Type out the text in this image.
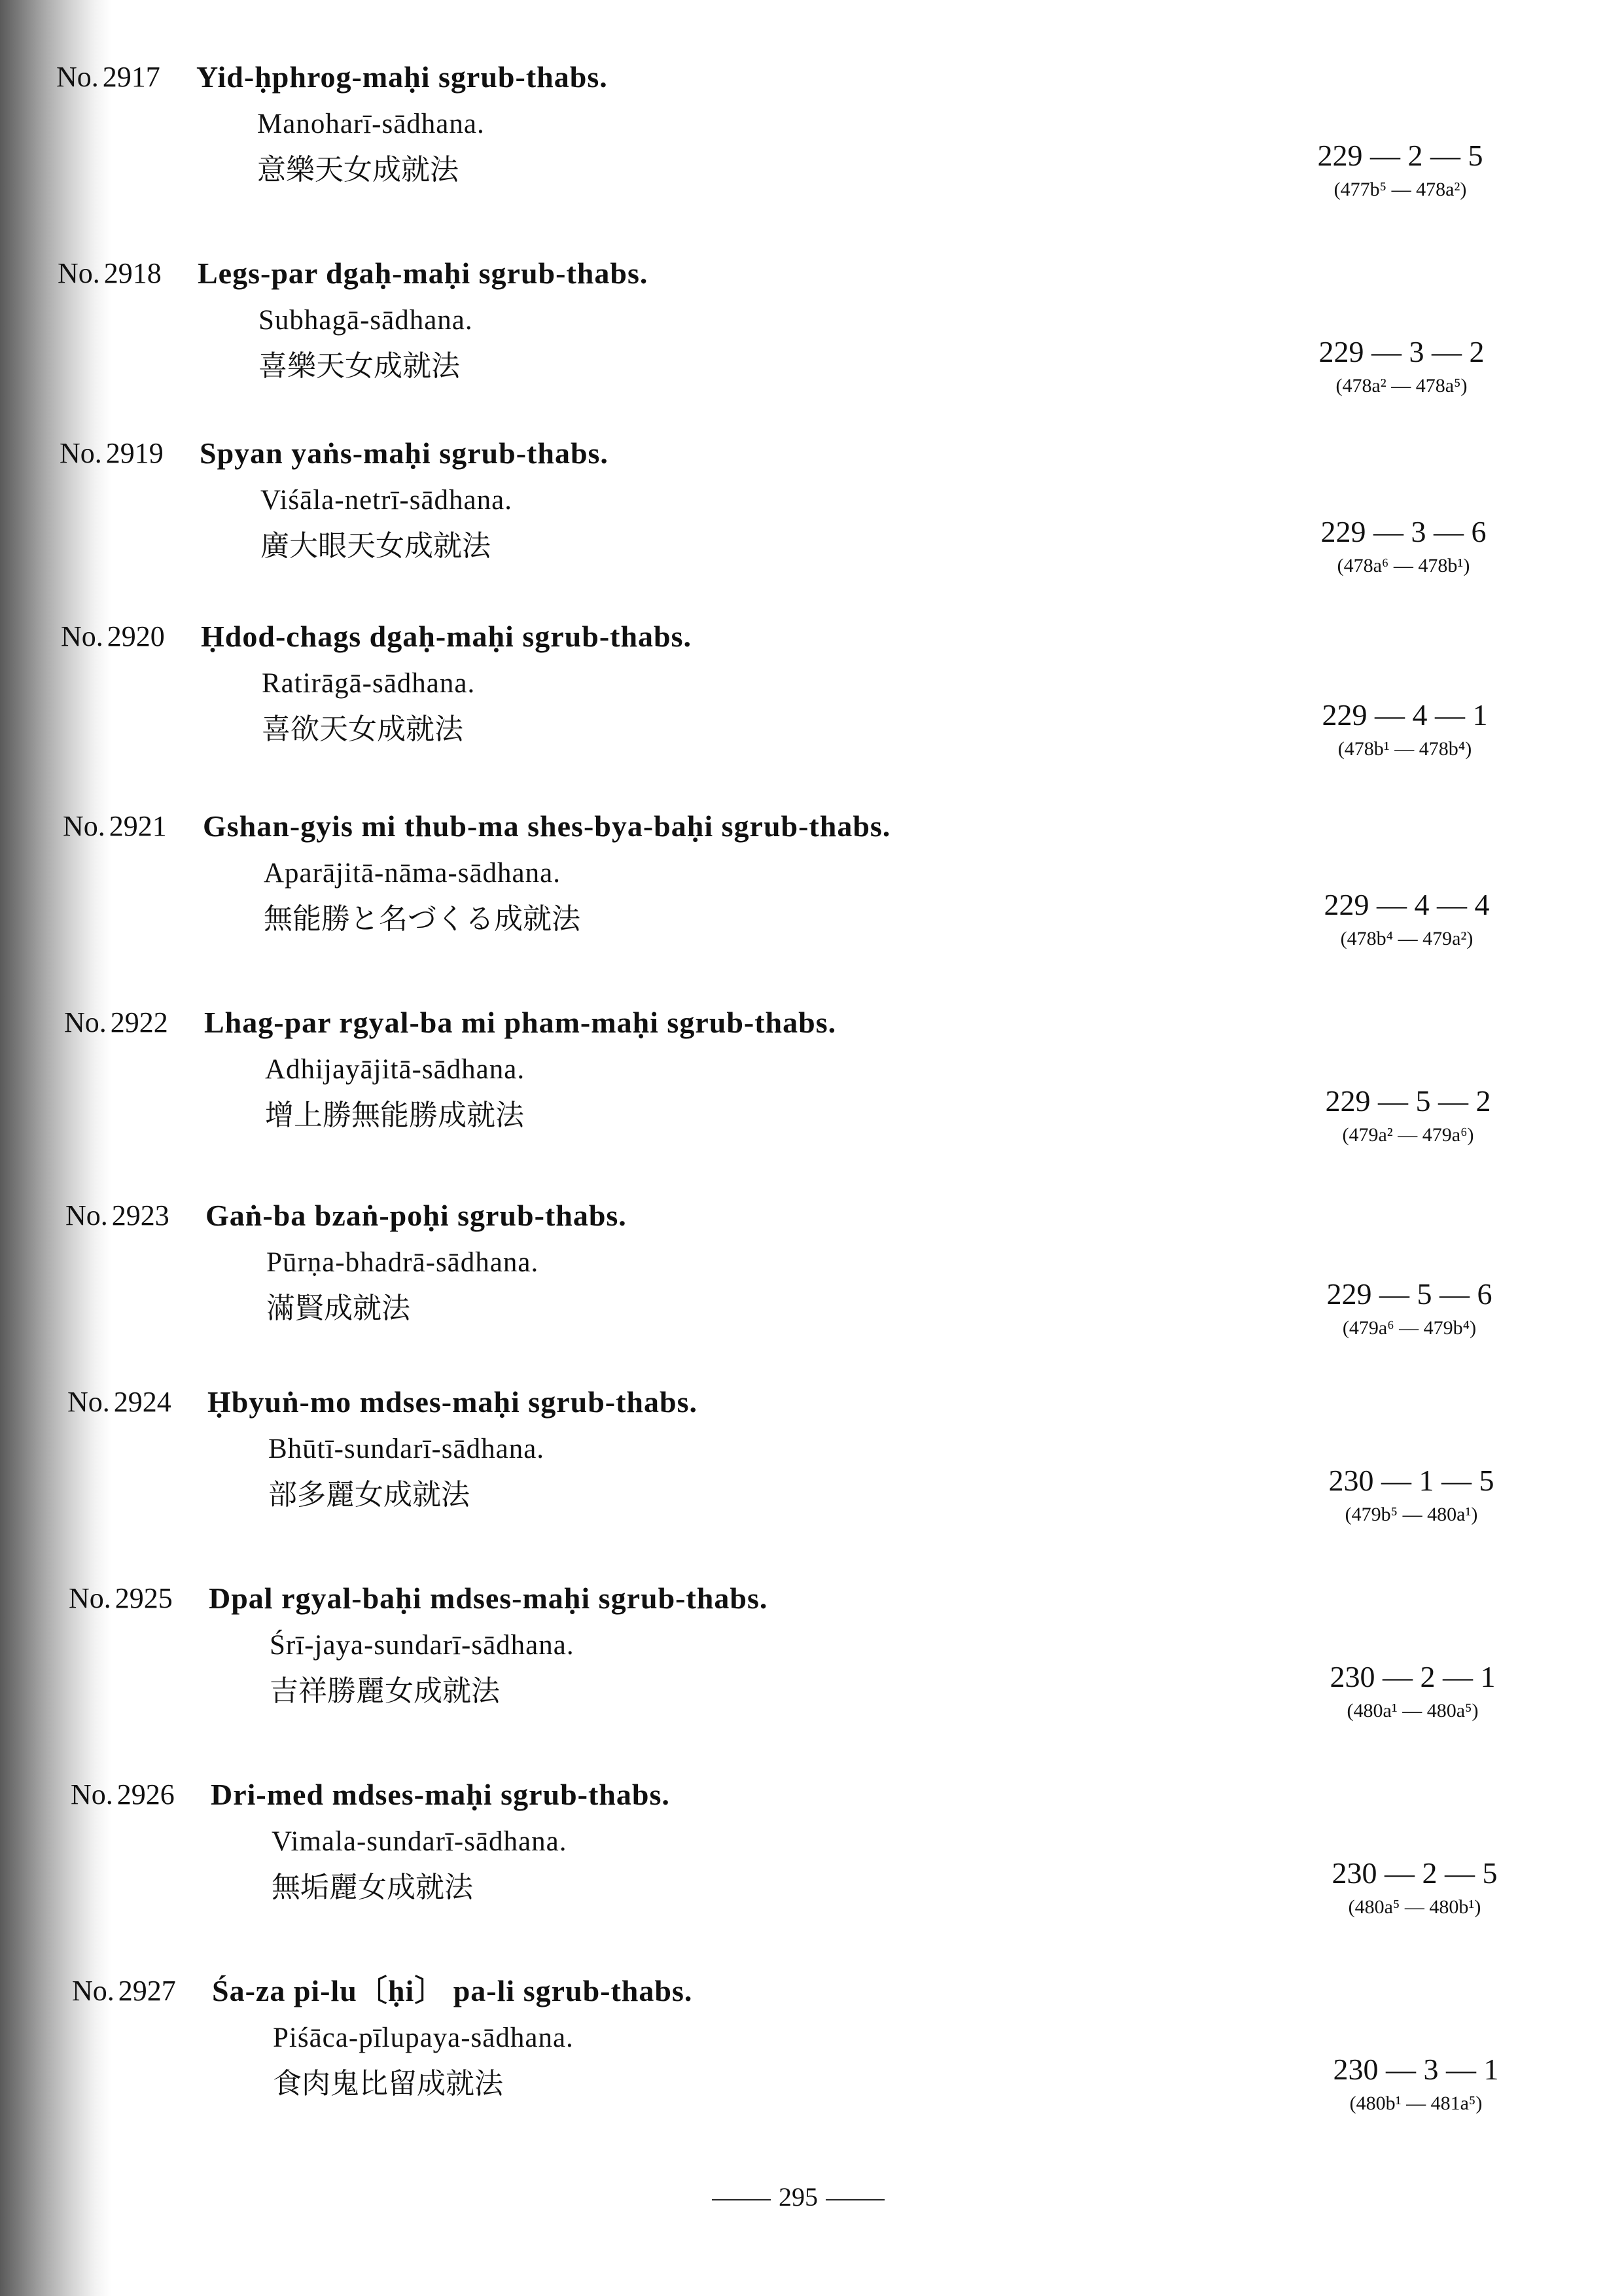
No. 2917 Yid-ḥphrog-maḥi sgrub-thabs.
Manoharī-sādhana.
意樂天女成就法	229 — 2 — 5
(477b⁵ — 478a²)
No. 2918 Legs-par dgaḥ-maḥi sgrub-thabs.
Subhagā-sādhana.
喜樂天女成就法	229 — 3 — 2
(478a² — 478a⁵)
No. 2919 Spyan yaṅs-maḥi sgrub-thabs.
Viśāla-netrī-sādhana.
廣大眼天女成就法	229 — 3 — 6
(478a⁶ — 478b¹)
No. 2920 Ḥdod-chags dgaḥ-maḥi sgrub-thabs.
Ratirāgā-sādhana.
喜欲天女成就法	229 — 4 — 1
(478b¹ — 478b⁴)
No. 2921 Gshan-gyis mi thub-ma shes-bya-baḥi sgrub-thabs.
Aparājitā-nāma-sādhana.
無能勝と名づくる成就法	229 — 4 — 4
(478b⁴ — 479a²)
No. 2922 Lhag-par rgyal-ba mi pham-maḥi sgrub-thabs.
Adhijayājitā-sādhana.
增上勝無能勝成就法	229 — 5 — 2
(479a² — 479a⁶)
No. 2923 Gaṅ-ba bzaṅ-poḥi sgrub-thabs.
Pūrṇa-bhadrā-sādhana.
滿賢成就法	229 — 5 — 6
(479a⁶ — 479b⁴)
No. 2924 Ḥbyuṅ-mo mdses-maḥi sgrub-thabs.
Bhūtī-sundarī-sādhana.
部多麗女成就法	230 — 1 — 5
(479b⁵ — 480a¹)
No. 2925 Dpal rgyal-baḥi mdses-maḥi sgrub-thabs.
Śrī-jaya-sundarī-sādhana.
吉祥勝麗女成就法	230 — 2 — 1
(480a¹ — 480a⁵)
No. 2926 Dri-med mdses-maḥi sgrub-thabs.
Vimala-sundarī-sādhana.
無垢麗女成就法	230 — 2 — 5
(480a⁵ — 480b¹)
No. 2927 Śa-za pi-lu〔ḥi〕 pa-li sgrub-thabs.
Piśāca-pīlupaya-sādhana.
食肉鬼比留成就法	230 — 3 — 1
(480b¹ — 481a⁵)
295
